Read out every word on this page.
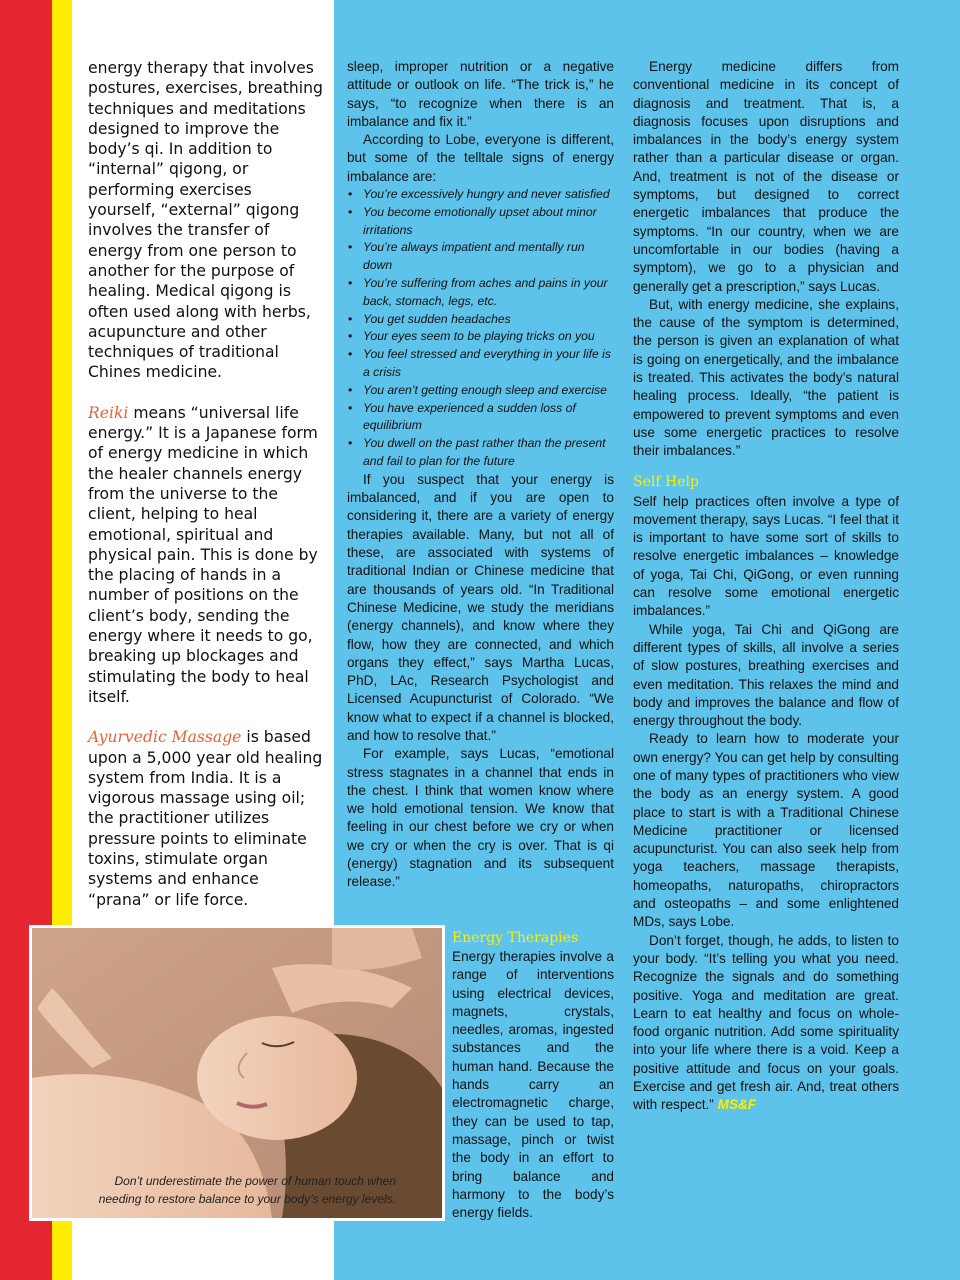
energy therapy that involves postures, exercises, breathing techniques and meditations designed to improve the body’s qi. In addition to “internal” qigong, or performing exercises yourself, “external” qigong involves the transfer of energy from one person to another for the purpose of healing. Medical qigong is often used along with herbs, acupuncture and other techniques of traditional Chines medicine.

Reiki means “universal life energy.” It is a Japanese form of energy medicine in which the healer channels energy from the universe to the client, helping to heal emotional, spiritual and physical pain. This is done by the placing of hands in a number of positions on the client’s body, sending the energy where it needs to go, breaking up blockages and stimulating the body to heal itself.

Ayurvedic Massage is based upon a 5,000 year old healing system from India. It is a vigorous massage using oil; the practitioner utilizes pressure points to eliminate toxins, stimulate organ systems and enhance “prana” or life force.

sleep, improper nutrition or a negative attitude or outlook on life. “The trick is,” he says, “to recognize when there is an imbalance and fix it.”

According to Lobe, everyone is different, but some of the telltale signs of energy imbalance are:

• You’re excessively hungry and never satisfied
• You become emotionally upset about minor irritations
• You’re always impatient and mentally run down
• You’re suffering from aches and pains in your back, stomach, legs, etc.
• You get sudden headaches
• Your eyes seem to be playing tricks on you
• You feel stressed and everything in your life is a crisis
• You aren’t getting enough sleep and exercise
• You have experienced a sudden loss of equilibrium
• You dwell on the past rather than the present and fail to plan for the future

If you suspect that your energy is imbalanced, and if you are open to considering it, there are a variety of energy therapies available. Many, but not all of these, are associated with systems of traditional Indian or Chinese medicine that are thousands of years old. “In Traditional Chinese Medicine, we study the meridians (energy channels), and know where they flow, how they are connected, and which organs they effect,” says Martha Lucas, PhD, LAc, Research Psychologist and Licensed Acupuncturist of Colorado. “We know what to expect if a channel is blocked, and how to resolve that.”

For example, says Lucas, “emotional stress stagnates in a channel that ends in the chest. I think that women know where we hold emotional tension. We know that feeling in our chest before we cry or when we cry or when the cry is over. That is qi (energy) stagnation and its subsequent release.”

Energy Therapies
Energy therapies involve a range of interventions using electrical devices, magnets, crystals, needles, aromas, ingested substances and the human hand. Because the hands carry an electromagnetic charge, they can be used to tap, massage, pinch or twist the body in an effort to bring balance and harmony to the body’s energy fields.

Energy medicine differs from conventional medicine in its concept of diagnosis and treatment. That is, a diagnosis focuses upon disruptions and imbalances in the body’s energy system rather than a particular disease or organ. And, treatment is not of the disease or symptoms, but designed to correct energetic imbalances that produce the symptoms. “In our country, when we are uncomfortable in our bodies (having a symptom), we go to a physician and generally get a prescription,” says Lucas.

But, with energy medicine, she explains, the cause of the symptom is determined, the person is given an explanation of what is going on energetically, and the imbalance is treated. This activates the body’s natural healing process. Ideally, “the patient is empowered to prevent symptoms and even use some energetic practices to resolve their imbalances.”

Self Help

Self help practices often involve a type of movement therapy, says Lucas. “I feel that it is important to have some sort of skills to resolve energetic imbalances – knowledge of yoga, Tai Chi, QiGong, or even running can resolve some emotional energetic imbalances.”

While yoga, Tai Chi and QiGong are different types of skills, all involve a series of slow postures, breathing exercises and even meditation. This relaxes the mind and body and improves the balance and flow of energy throughout the body.

Ready to learn how to moderate your own energy? You can get help by consulting one of many types of practitioners who view the body as an energy system. A good place to start is with a Traditional Chinese Medicine practitioner or licensed acupuncturist. You can also seek help from yoga teachers, massage therapists, homeopaths, naturopaths, chiropractors and osteopaths – and some enlightened MDs, says Lobe.

Don’t forget, though, he adds, to listen to your body. “It’s telling you what you need. Recognize the signals and do something positive. Yoga and meditation are great. Learn to eat healthy and focus on whole-food organic nutrition. Add some spirituality into your life where there is a void. Keep a positive attitude and focus on your goals. Exercise and get fresh air. And, treat others with respect.” MS&F

Don’t underestimate the power of human touch when needing to restore balance to your body’s energy levels.
